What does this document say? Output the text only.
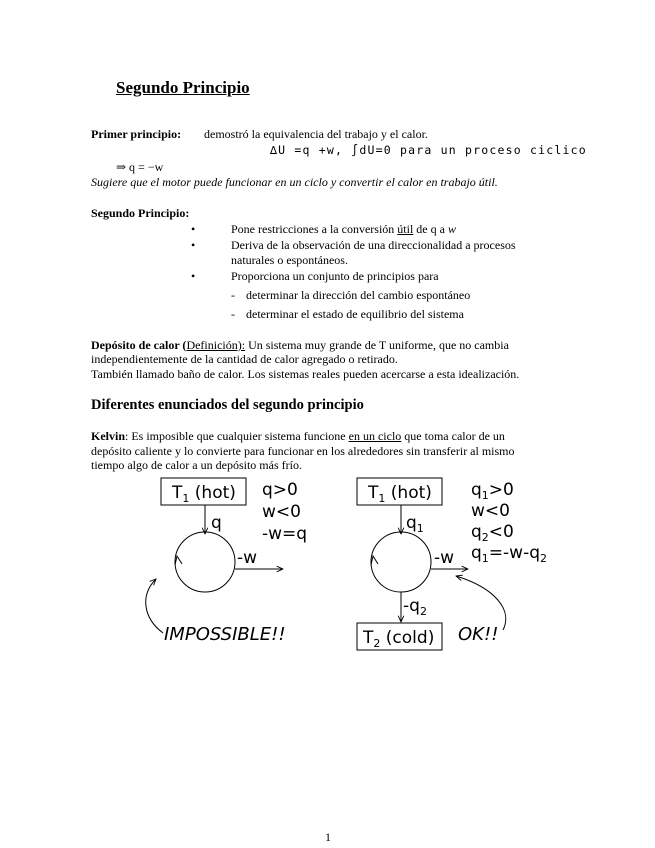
Segundo Principio
Primer principio: demostró la equivalencia del trabajo y el calor.
∆U =q +w, ∫dU=0 para un proceso ciclico
⇒ q = −w
Sugiere que el motor puede funcionar en un ciclo y convertir el calor en trabajo útil.
Segundo Principio:
•	Pone restricciones a la conversión útil de q a w
•	Deriva de la observación de una direccionalidad a procesos
naturales o espontáneos.
•	Proporciona un conjunto de principios para
- determinar la dirección del cambio espontáneo
- determinar el estado de equilibrio del sistema
Depósito de calor (Definición): Un sistema muy grande de T uniforme, que no cambia
independientemente de la cantidad de calor agregado o retirado.
También llamado baño de calor. Los sistemas reales pueden acercarse a esta idealización.
Diferentes enunciados del segundo principio
Kelvin: Es imposible que cualquier sistema funcione en un ciclo que toma calor de un
depósito caliente y lo convierte para funcionar en los alrededores sin transferir al mismo
tiempo algo de calor a un depósito más frío.
$T_1$ (hot)
q
-w
q>0
w<0
-w=q
IMPOSSIBLE!!
$T_1$ (hot)
$q_1$
-w
$-q_2$
$T_2$ (cold)
$q_1>0$
w<0
$q_2<0$
$q_1=-w-q_2$
OK!!
1
